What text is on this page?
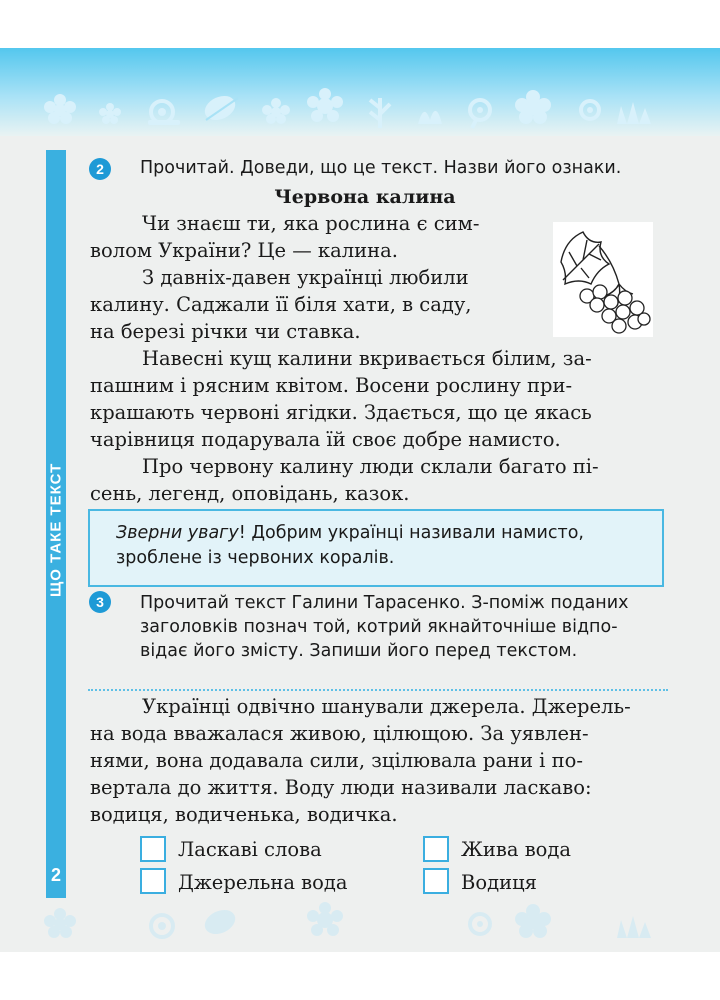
ЩО ТАКЕ ТЕКСТ
2
2	Прочитай. Доведи, що це текст. Назви його ознаки.

Червона калина

Чи знаєш ти, яка рослина є сим-
волом України? Це — калина.

З давніх-давен українці любили
калину. Саджали її біля хати, в саду,
на березі річки чи ставка.

Навесні кущ калини вкривається білим, за-
пашним і рясним квітом. Восени рослину при-
крашають червоні ягідки. Здається, що це якась
чарівниця подарувала їй своє добре намисто.

Про червону калину люди склали багато пі-
сень, легенд, оповідань, казок.

Зверни увагу! Добрим українці називали намисто, зроблене із червоних коралів.
3	Прочитай текст Галини Тарасенко. З-поміж поданих
заголовків познач той, котрий якнайточніше відпо-
відає його змісту. Запиши його перед текстом.

Українці одвічно шанували джерела. Джерель-
на вода вважалася живою, цілющою. За уявлен-
нями, вона додавала сили, зцілювала рани і по-
вертала до життя. Воду люди називали ласкаво:
водиця, водиченька, водичка.

Ласкаві слова	Жива вода
Джерельна вода	Водиця
